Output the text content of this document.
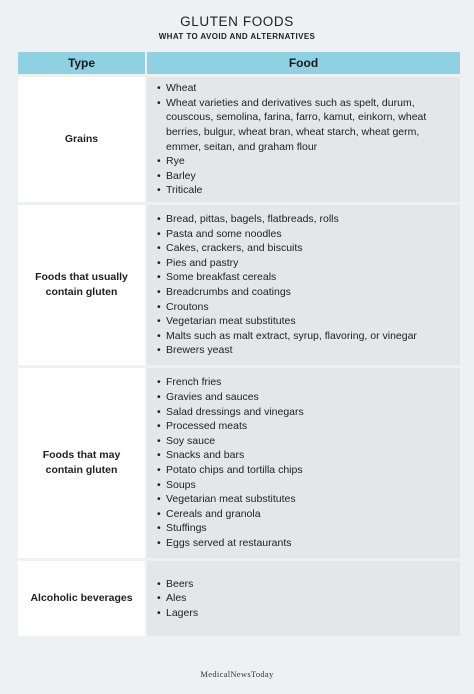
GLUTEN FOODS
WHAT TO AVOID AND ALTERNATIVES
Type	Food
Grains
• Wheat
• Wheat varieties and derivatives such as spelt, durum, couscous, semolina, farina, farro, kamut, einkorn, wheat berries, bulgur, wheat bran, wheat starch, wheat germ, emmer, seitan, and graham flour
• Rye
• Barley
• Triticale
Foods that usually contain gluten
• Bread, pittas, bagels, flatbreads, rolls
• Pasta and some noodles
• Cakes, crackers, and biscuits
• Pies and pastry
• Some breakfast cereals
• Breadcrumbs and coatings
• Croutons
• Vegetarian meat substitutes
• Malts such as malt extract, syrup, flavoring, or vinegar
• Brewers yeast
Foods that may contain gluten
• French fries
• Gravies and sauces
• Salad dressings and vinegars
• Processed meats
• Soy sauce
• Snacks and bars
• Potato chips and tortilla chips
• Soups
• Vegetarian meat substitutes
• Cereals and granola
• Stuffings
• Eggs served at restaurants
Alcoholic beverages
• Beers
• Ales
• Lagers
MedicalNewsToday
